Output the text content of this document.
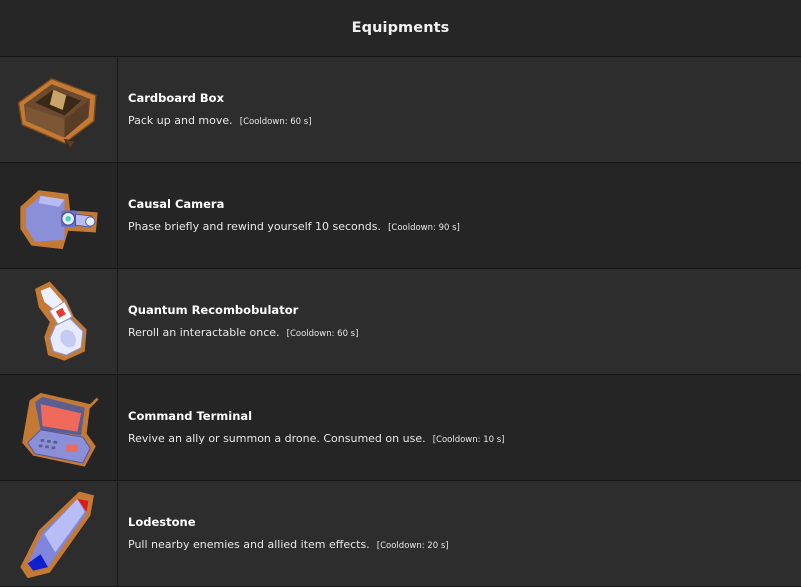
Equipments
Cardboard Box
Pack up and move. [Cooldown: 60 s]
Causal Camera
Phase briefly and rewind yourself 10 seconds. [Cooldown: 90 s]
Quantum Recombobulator
Reroll an interactable once. [Cooldown: 60 s]
Command Terminal
Revive an ally or summon a drone. Consumed on use. [Cooldown: 10 s]
Lodestone
Pull nearby enemies and allied item effects. [Cooldown: 20 s]
